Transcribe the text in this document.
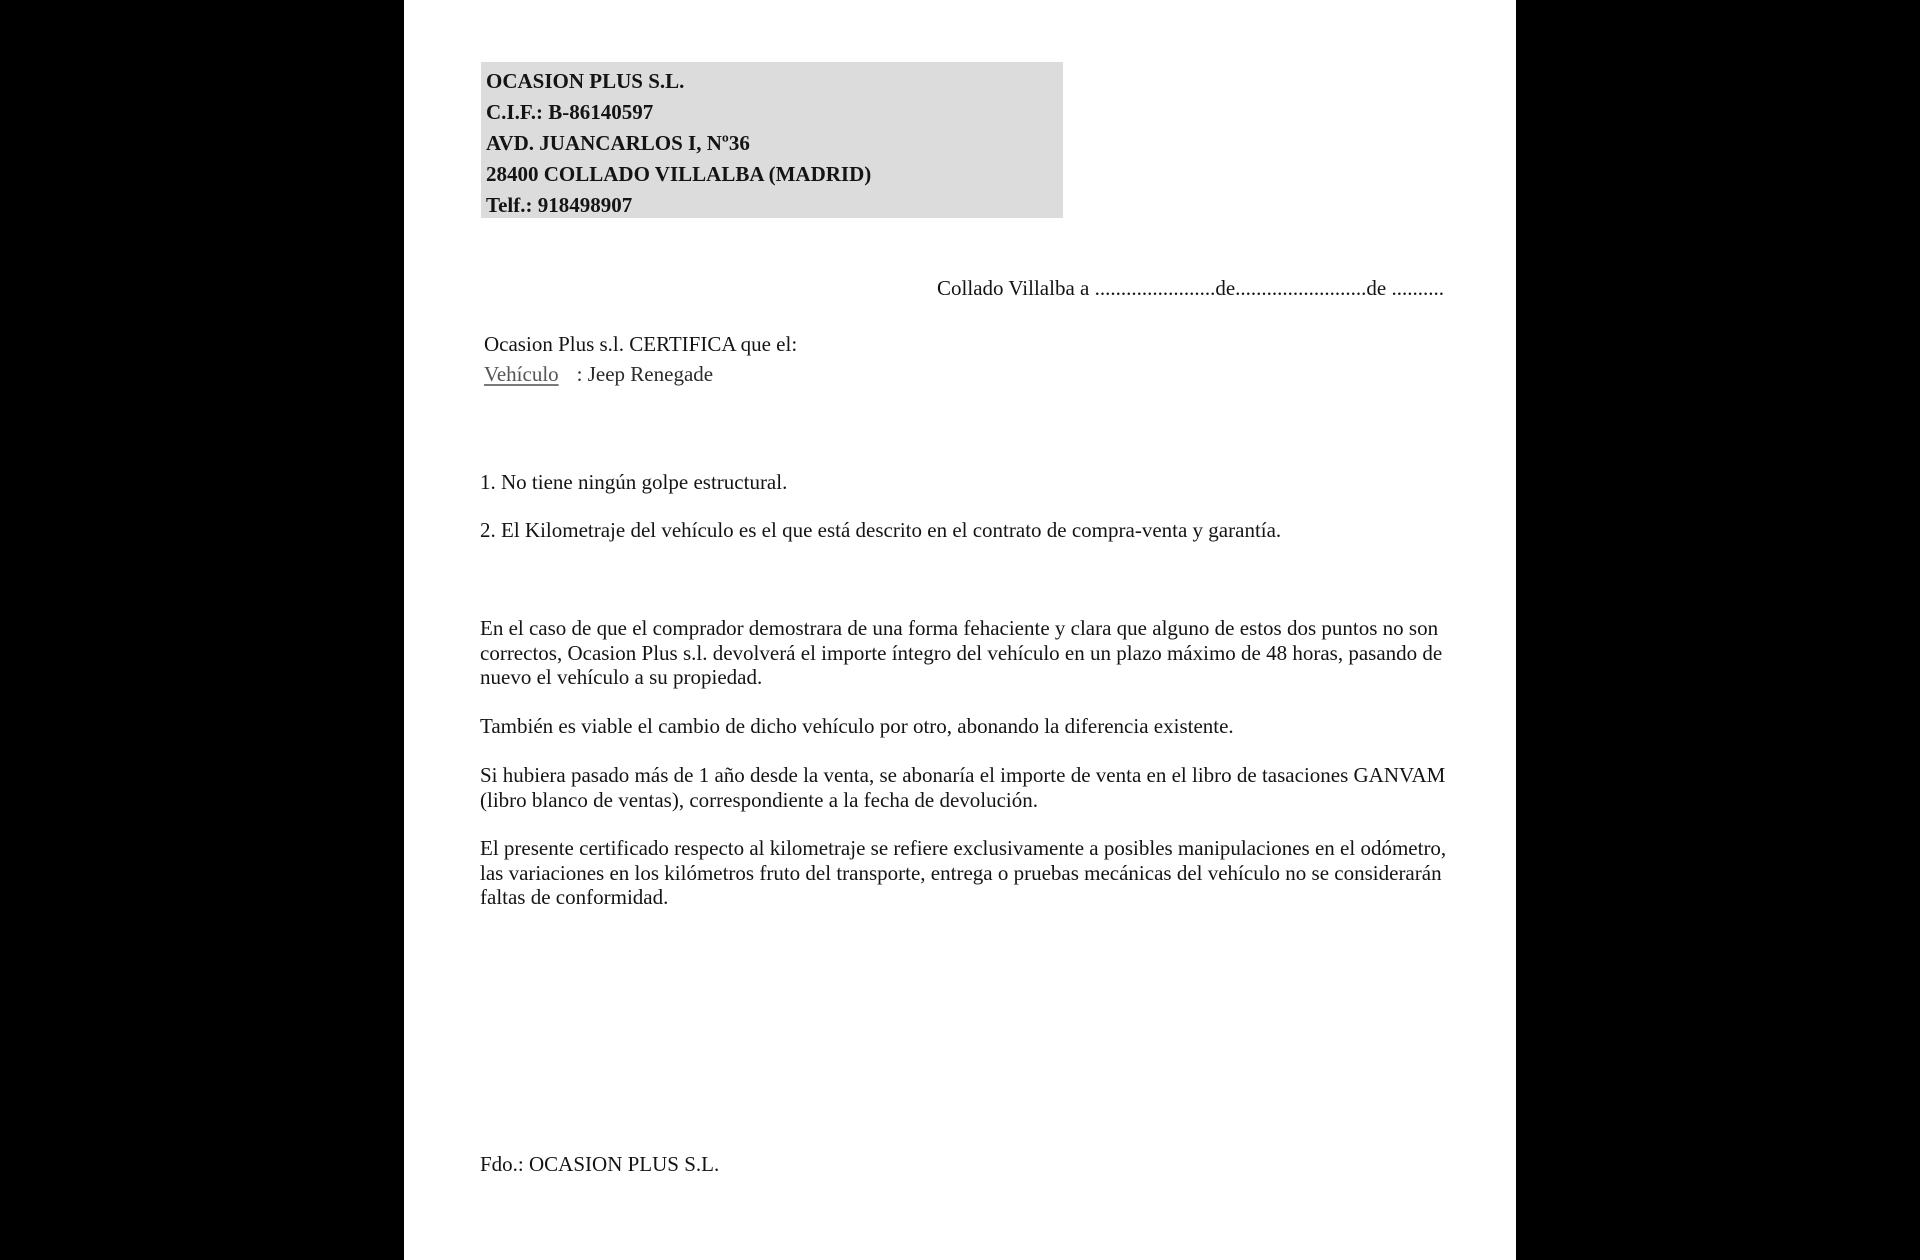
OCASION PLUS S.L.
C.I.F.: B-86140597
AVD. JUANCARLOS I, Nº36
28400 COLLADO VILLALBA (MADRID)
Telf.: 918498907
Collado Villalba a .......................de.........................de ..........
Ocasion Plus s.l. CERTIFICA que el:
Vehículo : Jeep Renegade
1. No tiene ningún golpe estructural.
2. El Kilometraje del vehículo es el que está descrito en el contrato de compra-venta y garantía.

En el caso de que el comprador demostrara de una forma fehaciente y clara que alguno de estos dos puntos no son correctos, Ocasion Plus s.l. devolverá el importe íntegro del vehículo en un plazo máximo de 48 horas, pasando de nuevo el vehículo a su propiedad.

También es viable el cambio de dicho vehículo por otro, abonando la diferencia existente.

Si hubiera pasado más de 1 año desde la venta, se abonaría el importe de venta en el libro de tasaciones GANVAM (libro blanco de ventas), correspondiente a la fecha de devolución.

El presente certificado respecto al kilometraje se refiere exclusivamente a posibles manipulaciones en el odómetro, las variaciones en los kilómetros fruto del transporte, entrega o pruebas mecánicas del vehículo no se considerarán faltas de conformidad.

Fdo.: OCASION PLUS S.L.
